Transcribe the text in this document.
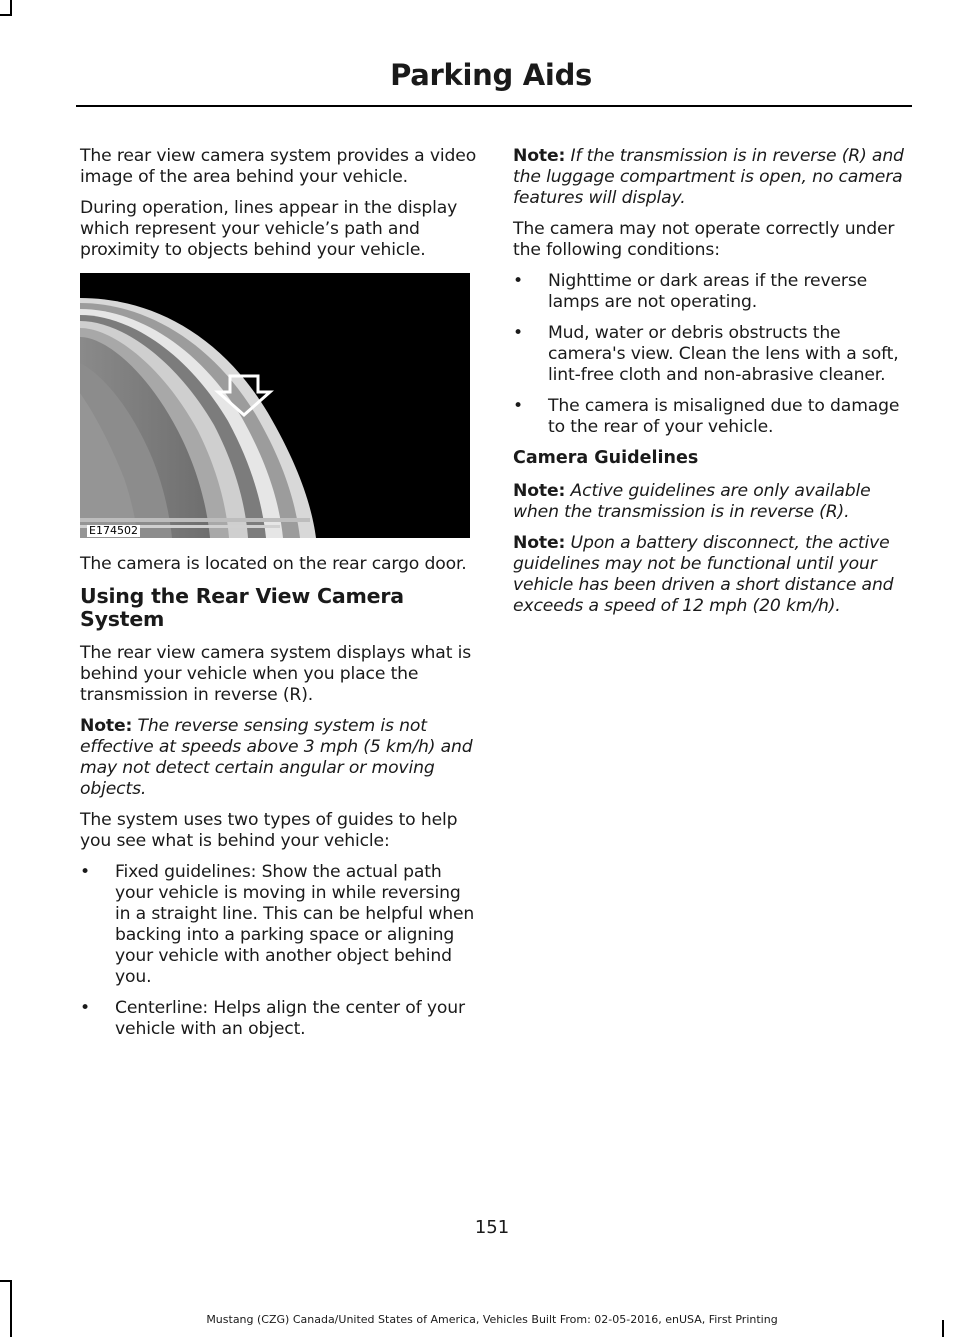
Parking Aids

The rear view camera system provides a video image of the area behind your vehicle.

During operation, lines appear in the display which represent your vehicle’s path and proximity to objects behind your vehicle.

E174502

The camera is located on the rear cargo door.

Using the Rear View Camera System

The rear view camera system displays what is behind your vehicle when you place the transmission in reverse (R).

Note: The reverse sensing system is not effective at speeds above 3 mph (5 km/h) and may not detect certain angular or moving objects.

The system uses two types of guides to help you see what is behind your vehicle:

• Fixed guidelines: Show the actual path your vehicle is moving in while reversing in a straight line. This can be helpful when backing into a parking space or aligning your vehicle with another object behind you.
• Centerline: Helps align the center of your vehicle with an object.

Note: If the transmission is in reverse (R) and the luggage compartment is open, no camera features will display.

The camera may not operate correctly under the following conditions:

• Nighttime or dark areas if the reverse lamps are not operating.
• Mud, water or debris obstructs the camera's view. Clean the lens with a soft, lint-free cloth and non-abrasive cleaner.
• The camera is misaligned due to damage to the rear of your vehicle.
Camera Guidelines

Note: Active guidelines are only available when the transmission is in reverse (R).

Note: Upon a battery disconnect, the active guidelines may not be functional until your vehicle has been driven a short distance and exceeds a speed of 12 mph (20 km/h).

151
Mustang (CZG) Canada/United States of America, Vehicles Built From: 02-05-2016, enUSA, First Printing
